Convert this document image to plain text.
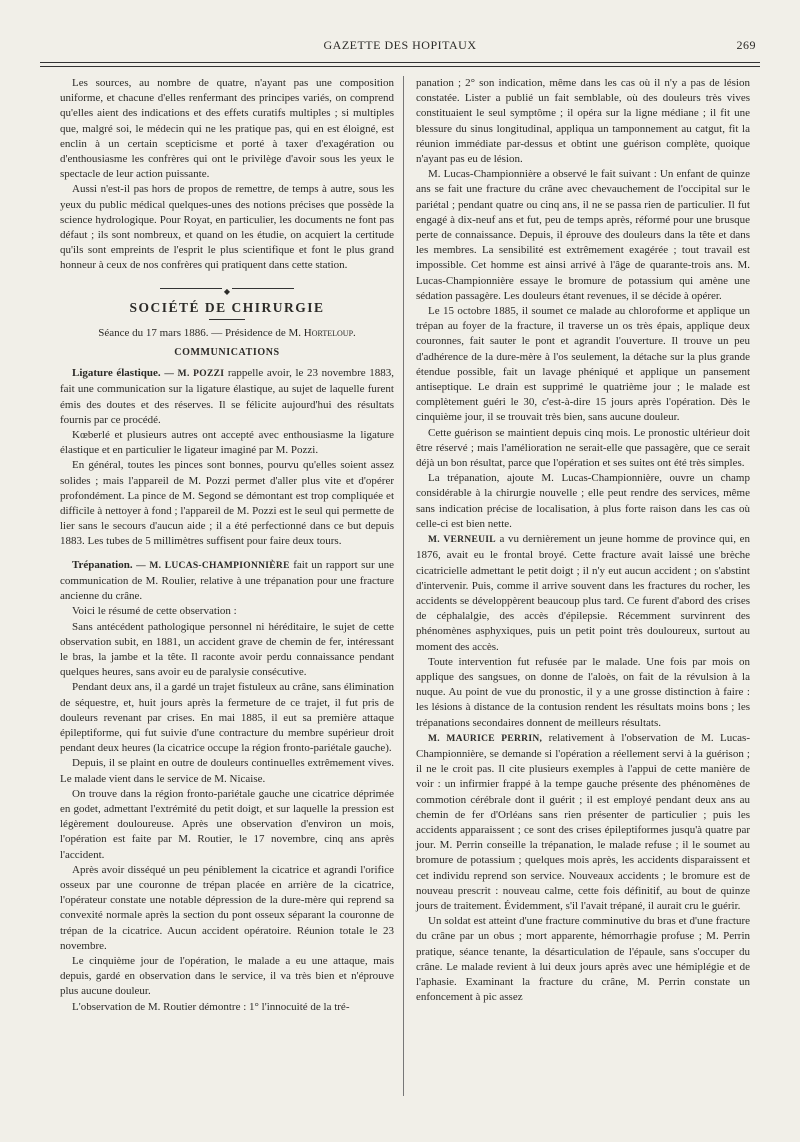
GAZETTE DES HOPITAUX	269

Les sources, au nombre de quatre, n'ayant pas une composition uniforme, et chacune d'elles renfermant des principes variés, on comprend qu'elles aient des indications et des effets curatifs multiples ; si multiples que, malgré soi, le médecin qui ne les pratique pas, qui en est éloigné, est enclin à un certain scepticisme et porté à taxer d'exagération ou d'enthousiasme les confrères qui ont le privilège d'avoir sous les yeux le spectacle de leur action puissante.

Aussi n'est-il pas hors de propos de remettre, de temps à autre, sous les yeux du public médical quelques-unes des notions précises que possède la science hydrologique. Pour Royat, en particulier, les documents ne font pas défaut ; ils sont nombreux, et quand on les étudie, on acquiert la certitude qu'ils sont empreints de l'esprit le plus scientifique et font le plus grand honneur à ceux de nos confrères qui pratiquent dans cette station.

◆
SOCIÉTÉ DE CHIRURGIE
Séance du 17 mars 1886. — Présidence de M. Horteloup.
COMMUNICATIONS

Ligature élastique. — M. POZZI rappelle avoir, le 23 novembre 1883, fait une communication sur la ligature élastique, au sujet de laquelle furent émis des doutes et des réserves. Il se félicite aujourd'hui des résultats fournis par ce procédé.

Kœberlé et plusieurs autres ont accepté avec enthousiasme la ligature élastique et en particulier le ligateur imaginé par M. Pozzi.

En général, toutes les pinces sont bonnes, pourvu qu'elles soient assez solides ; mais l'appareil de M. Pozzi permet d'aller plus vite et d'opérer profondément. La pince de M. Segond se démontant est trop compliquée et difficile à nettoyer à fond ; l'appareil de M. Pozzi est le seul qui permette de lier sans le secours d'aucun aide ; il a été perfectionné dans ce but depuis 1883. Les tubes de 5 millimètres suffisent pour faire deux tours.

Trépanation. — M. LUCAS-CHAMPIONNIÈRE fait un rapport sur une communication de M. Roulier, relative à une trépanation pour une fracture ancienne du crâne.

Voici le résumé de cette observation :

Sans antécédent pathologique personnel ni héréditaire, le sujet de cette observation subit, en 1881, un accident grave de chemin de fer, intéressant le bras, la jambe et la tête. Il raconte avoir perdu connaissance pendant quelques heures, sans avoir eu de paralysie consécutive.

Pendant deux ans, il a gardé un trajet fistuleux au crâne, sans élimination de séquestre, et, huit jours après la fermeture de ce trajet, il fut pris de douleurs revenant par crises. En mai 1885, il eut sa première attaque épileptiforme, qui fut suivie d'une contracture du membre supérieur droit pendant deux heures (la cicatrice occupe la région fronto-pariétale gauche).

Depuis, il se plaint en outre de douleurs continuelles extrêmement vives. Le malade vient dans le service de M. Nicaise.

On trouve dans la région fronto-pariétale gauche une cicatrice déprimée en godet, admettant l'extrémité du petit doigt, et sur laquelle la pression est légèrement douloureuse. Après une observation d'environ un mois, l'opération est faite par M. Routier, le 17 novembre, cinq ans après l'accident.

Après avoir disséqué un peu péniblement la cicatrice et agrandi l'orifice osseux par une couronne de trépan placée en arrière de la cicatrice, l'opérateur constate une notable dépression de la dure-mère qui reprend sa convexité normale après la section du pont osseux séparant la couronne de trépan de la cicatrice. Aucun accident opératoire. Réunion totale le 23 novembre.

Le cinquième jour de l'opération, le malade a eu une attaque, mais depuis, gardé en observation dans le service, il va très bien et n'éprouve plus aucune douleur.

L'observation de M. Routier démontre : 1° l'innocuité de la tré-

panation ; 2° son indication, même dans les cas où il n'y a pas de lésion constatée. Lister a publié un fait semblable, où des douleurs très vives constituaient le seul symptôme ; il opéra sur la ligne médiane ; il fit une blessure du sinus longitudinal, appliqua un tamponnement au catgut, fit la réunion immédiate par-dessus et obtint une guérison complète, quoique n'ayant pas eu de lésion.

M. Lucas-Championnière a observé le fait suivant : Un enfant de quinze ans se fait une fracture du crâne avec chevauchement de l'occipital sur le pariétal ; pendant quatre ou cinq ans, il ne se passa rien de particulier. Il fut engagé à dix-neuf ans et fut, peu de temps après, réformé pour une brusque perte de connaissance. Depuis, il éprouve des douleurs dans la tête et dans les membres. La sensibilité est extrêmement exagérée ; tout travail est impossible. Cet homme est ainsi arrivé à l'âge de quarante-trois ans. M. Lucas-Championnière essaye le bromure de potassium qui amène une sédation passagère. Les douleurs étant revenues, il se décide à opérer.

Le 15 octobre 1885, il soumet ce malade au chloroforme et applique un trépan au foyer de la fracture, il traverse un os très épais, applique deux couronnes, fait sauter le pont et agrandit l'ouverture. Il trouve un peu d'adhérence de la dure-mère à l'os seulement, la détache sur la plus grande étendue possible, fait un lavage phéniqué et applique un pansement antiseptique. Le drain est supprimé le quatrième jour ; le malade est complètement guéri le 30, c'est-à-dire 15 jours après l'opération. Dès le cinquième jour, il se trouvait très bien, sans aucune douleur.

Cette guérison se maintient depuis cinq mois. Le pronostic ultérieur doit être réservé ; mais l'amélioration ne serait-elle que passagère, que ce serait déjà un bon résultat, parce que l'opération et ses suites ont été très simples.

La trépanation, ajoute M. Lucas-Championnière, ouvre un champ considérable à la chirurgie nouvelle ; elle peut rendre des services, même sans indication précise de localisation, à plus forte raison dans les cas où celle-ci est bien nette.

M. VERNEUIL a vu dernièrement un jeune homme de province qui, en 1876, avait eu le frontal broyé. Cette fracture avait laissé une brèche cicatricielle admettant le petit doigt ; il n'y eut aucun accident ; on s'abstint d'intervenir. Puis, comme il arrive souvent dans les fractures du rocher, les accidents se développèrent beaucoup plus tard. Ce furent d'abord des crises de céphalalgie, des accès d'épilepsie. Récemment survinrent des phénomènes asphyxiques, puis un petit point très douloureux, surtout au moment des accès.

Toute intervention fut refusée par le malade. Une fois par mois on applique des sangsues, on donne de l'aloès, on fait de la révulsion à la nuque. Au point de vue du pronostic, il y a une grosse distinction à faire : les lésions à distance de la contusion rendent les résultats moins bons ; les trépanations secondaires donnent de meilleurs résultats.

M. MAURICE PERRIN, relativement à l'observation de M. Lucas-Championnière, se demande si l'opération a réellement servi à la guérison ; il ne le croit pas. Il cite plusieurs exemples à l'appui de cette manière de voir : un infirmier frappé à la tempe gauche présente des phénomènes de commotion cérébrale dont il guérit ; il est employé pendant deux ans au chemin de fer d'Orléans sans rien présenter de particulier ; puis les accidents apparaissent ; ce sont des crises épileptiformes jusqu'à quatre par jour. M. Perrin conseille la trépanation, le malade refuse ; il le soumet au bromure de potassium ; quelques mois après, les accidents disparaissent et cet individu reprend son service. Nouveaux accidents ; le bromure est de nouveau prescrit : nouveau calme, cette fois définitif, au bout de quinze jours de traitement. Évidemment, s'il l'avait trépané, il aurait cru le guérir.

Un soldat est atteint d'une fracture comminutive du bras et d'une fracture du crâne par un obus ; mort apparente, hémorrhagie profuse ; M. Perrin pratique, séance tenante, la désarticulation de l'épaule, sans s'occuper du crâne. Le malade revient à lui deux jours après avec une hémiplégie et de l'aphasie. Examinant la fracture du crâne, M. Perrin constate un enfoncement à pic assez
